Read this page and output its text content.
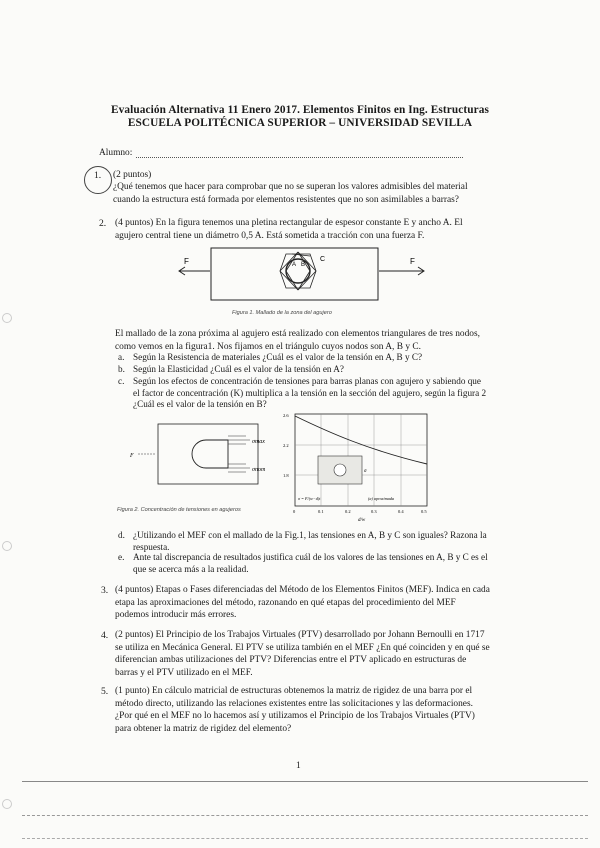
Evaluación Alternativa 11 Enero 2017. Elementos Finitos en Ing. Estructuras
ESCUELA POLITÉCNICA SUPERIOR – UNIVERSIDAD SEVILLA
Alumno:
1. (2 puntos)
¿Qué tenemos que hacer para comprobar que no se superan los valores admisibles del material cuando la estructura está formada por elementos resistentes que no son asimilables a barras?
2. (4 puntos) En la figura tenemos una pletina rectangular de espesor constante E y ancho A. El agujero central tiene un diámetro 0,5 A. Está sometida a tracción con una fuerza F.
F	F
A B
C
Figura 1. Mallado de la zona del agujero
El mallado de la zona próxima al agujero está realizado con elementos triangulares de tres nodos, como vemos en la figura1. Nos fijamos en el triángulo cuyos nodos son A, B y C.
a. Según la Resistencia de materiales ¿Cuál es el valor de la tensión en A, B y C?
b. Según la Elasticidad ¿Cuál es el valor de la tensión en A?
c. Según los efectos de concentración de tensiones para barras planas con agujero y sabiendo que el factor de concentración (K) multiplica a la tensión en la sección del agujero, según la figura 2 ¿Cuál es el valor de la tensión en B?
F
σmax
σnom
2.6
2.2
1.8
0	0.1	0.2	0.3	0.4	0.5
d/w
σ = F/(w−d)t	(a) aproximada
σ
Figura 2. Concentración de tensiones en agujeros
d. ¿Utilizando el MEF con el mallado de la Fig.1, las tensiones en A, B y C son iguales? Razona la respuesta.
e. Ante tal discrepancia de resultados justifica cuál de los valores de las tensiones en A, B y C es el que se acerca más a la realidad.
3. (4 puntos) Etapas o Fases diferenciadas del Método de los Elementos Finitos (MEF). Indica en cada etapa las aproximaciones del método, razonando en qué etapas del procedimiento del MEF podemos introducir más errores.
4. (2 puntos) El Principio de los Trabajos Virtuales (PTV) desarrollado por Johann Bernoulli en 1717 se utiliza en Mecánica General. El PTV se utiliza también en el MEF ¿En qué coinciden y en qué se diferencian ambas utilizaciones del PTV? Diferencias entre el PTV aplicado en estructuras de barras y el PTV utilizado en el MEF.
5. (1 punto) En cálculo matricial de estructuras obtenemos la matriz de rigidez de una barra por el método directo, utilizando las relaciones existentes entre las solicitaciones y las deformaciones. ¿Por qué en el MEF no lo hacemos así y utilizamos el Principio de los Trabajos Virtuales (PTV) para obtener la matriz de rigidez del elemento?
1
